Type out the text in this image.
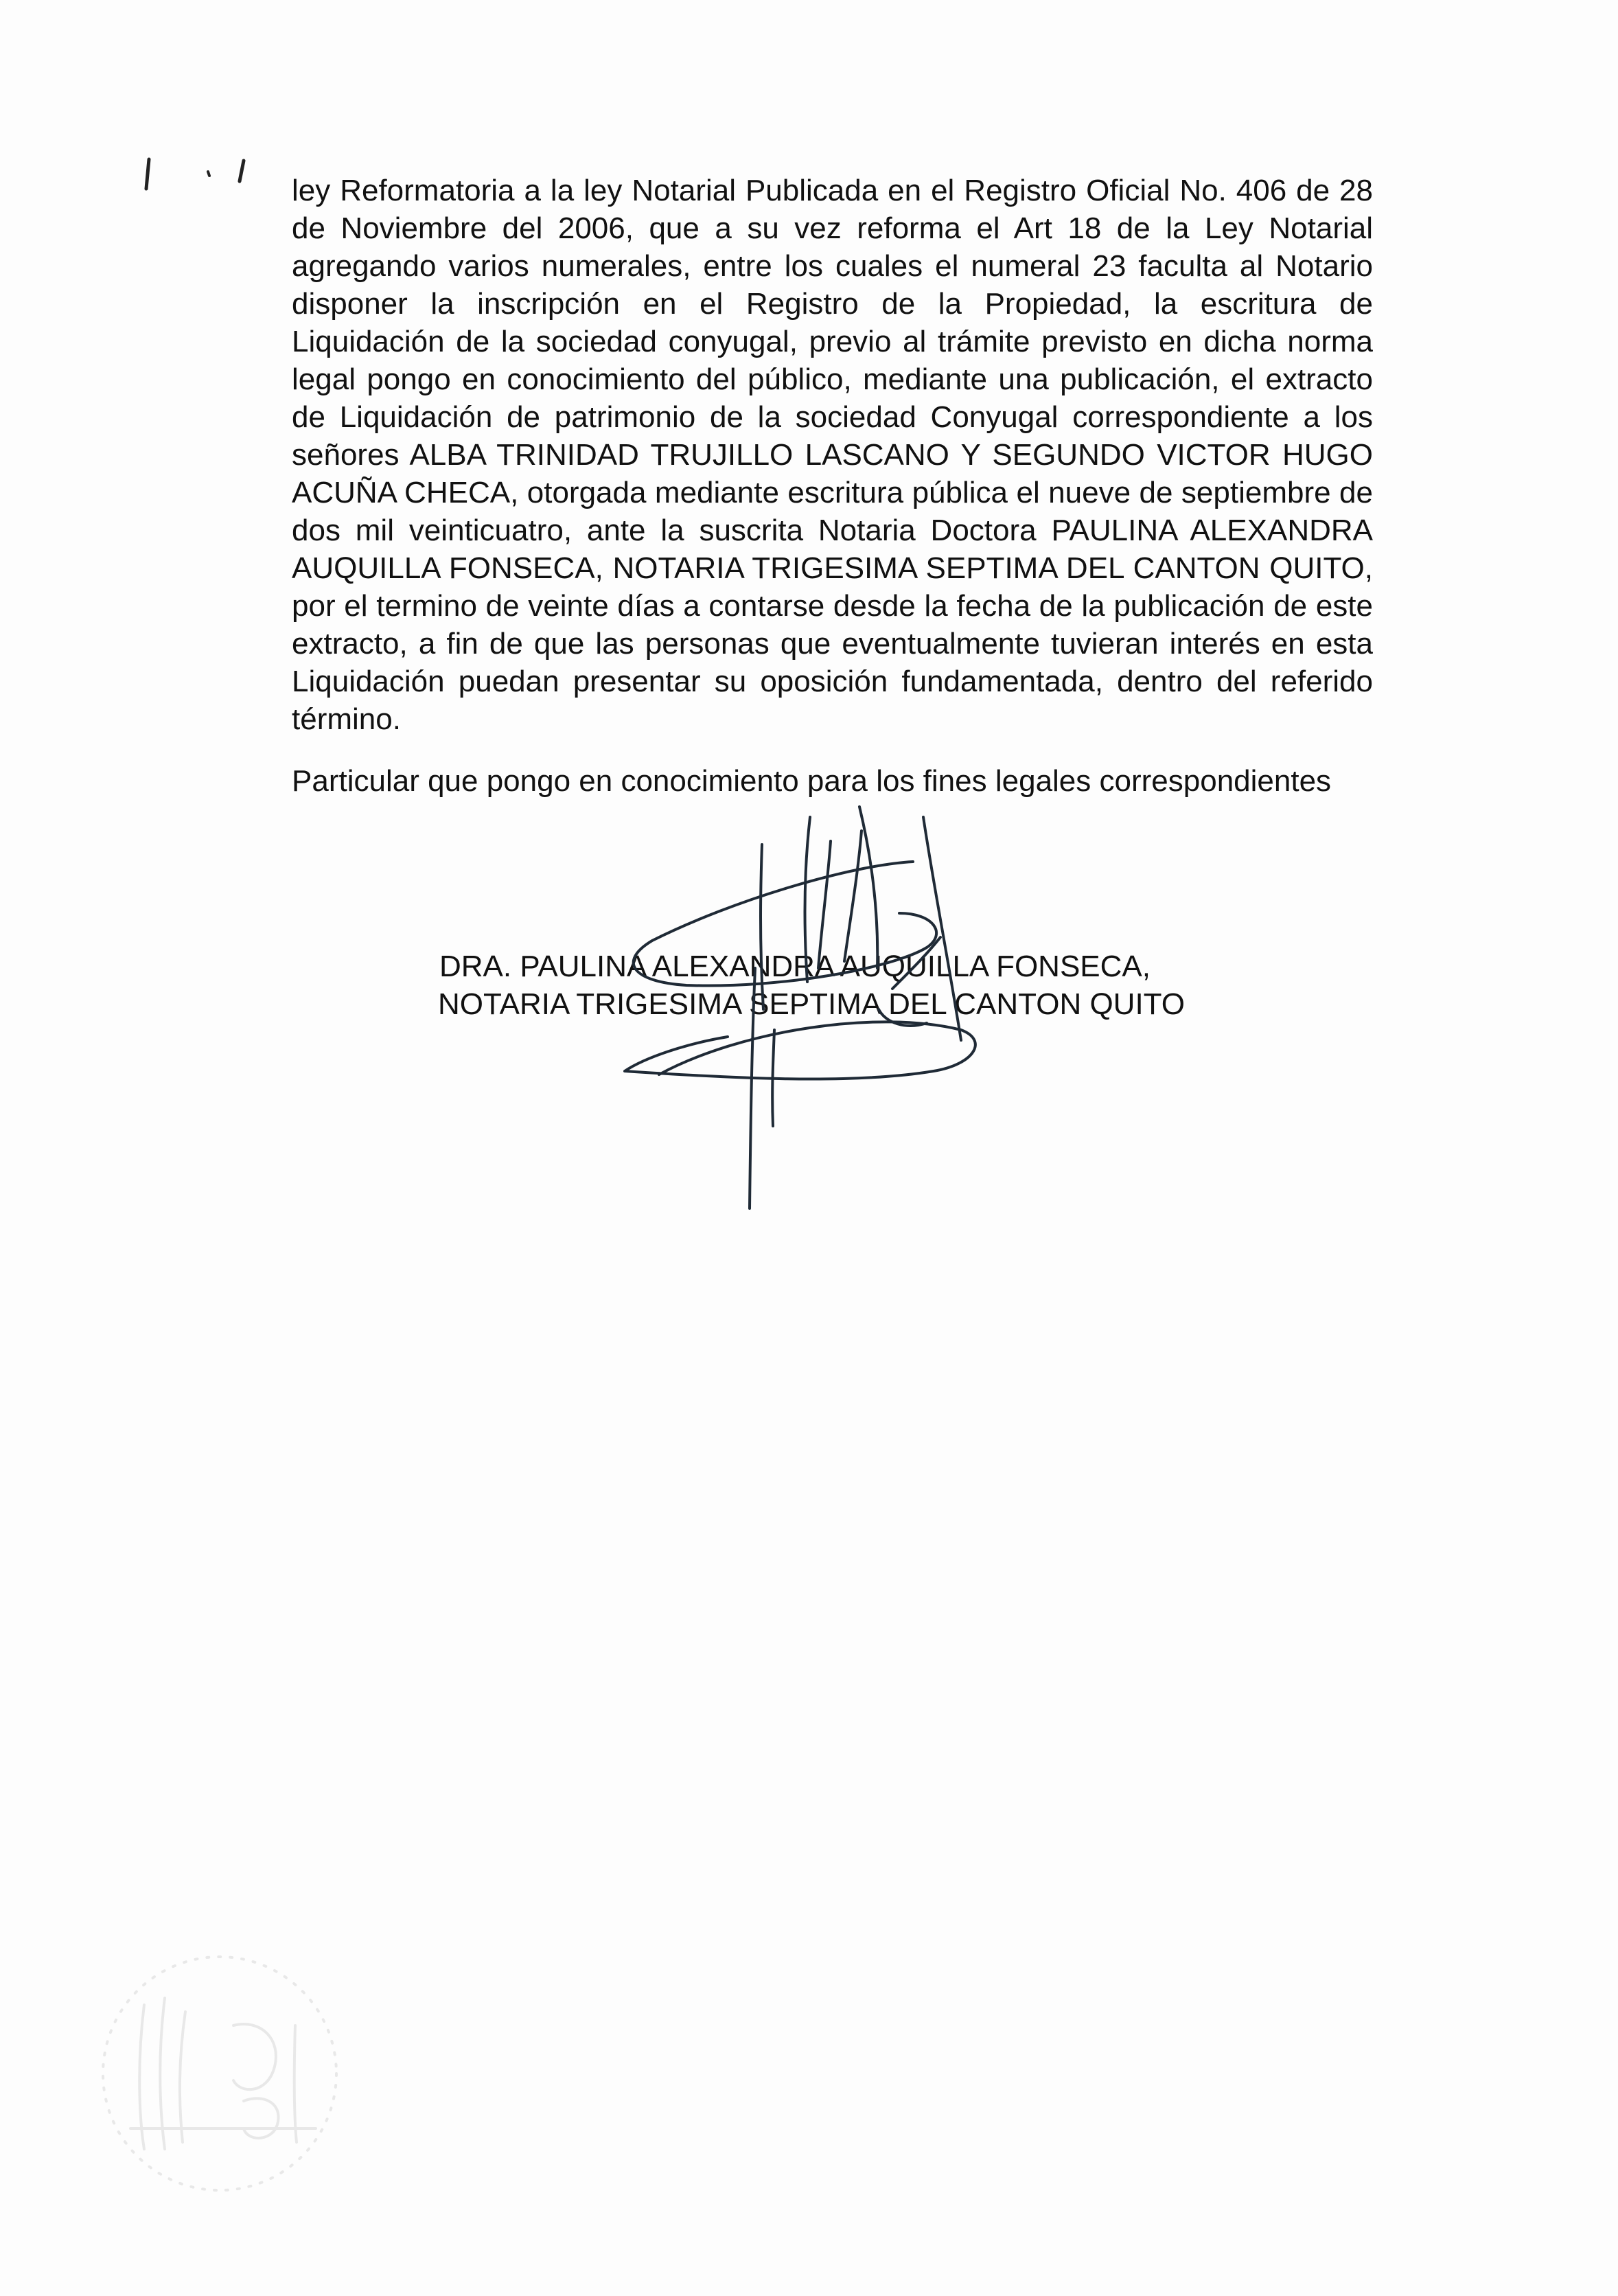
ley Reformatoria a la ley Notarial Publicada en el Registro Oficial No. 406 de 28 de Noviembre del 2006, que a su vez reforma el Art 18 de la Ley Notarial agregando varios numerales, entre los cuales el numeral 23 faculta al Notario disponer la inscripción en el Registro de la Propiedad, la escritura de Liquidación de la sociedad conyugal, previo al trámite previsto en dicha norma legal pongo en conocimiento del público, mediante una publicación, el extracto de Liquidación de patrimonio de la sociedad Conyugal correspondiente a los señores ALBA TRINIDAD TRUJILLO LASCANO Y SEGUNDO VICTOR HUGO ACUÑA CHECA, otorgada mediante escritura pública el nueve de septiembre de dos mil veinticuatro, ante la suscrita Notaria Doctora PAULINA ALEXANDRA AUQUILLA FONSECA, NOTARIA TRIGESIMA SEPTIMA DEL CANTON QUITO, por el termino de veinte días a contarse desde la fecha de la publicación de este extracto, a fin de que las personas que eventualmente tuvieran interés en esta Liquidación puedan presentar su oposición fundamentada, dentro del referido término.

Particular que pongo en conocimiento para los fines legales correspondientes

DRA. PAULINA ALEXANDRA AUQUILLA FONSECA,
NOTARIA TRIGESIMA SEPTIMA DEL CANTON QUITO
